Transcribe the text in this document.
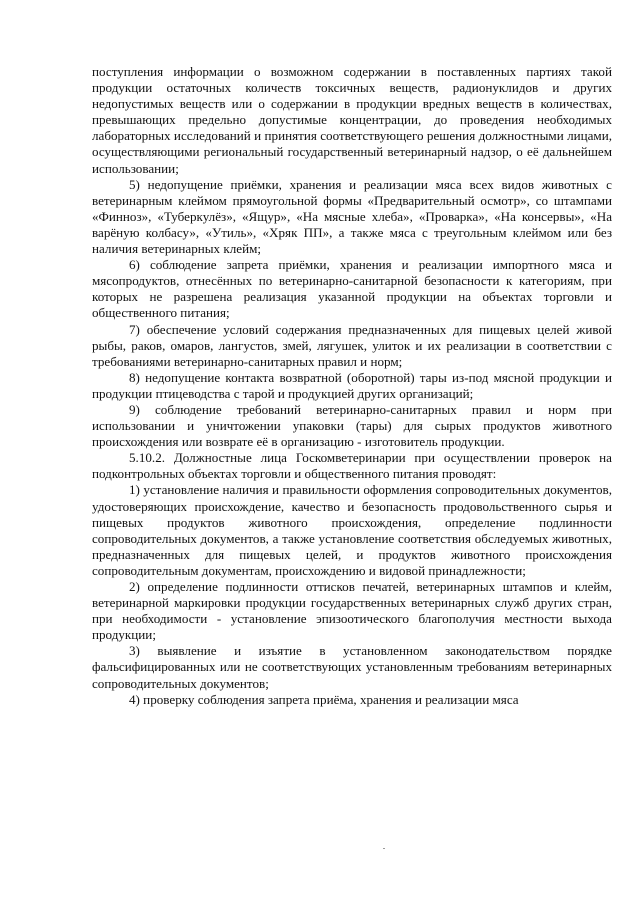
поступления информации о возможном содержании в поставленных партиях такой продукции остаточных количеств токсичных веществ, радионуклидов и других недопустимых веществ или о содержании в продукции вредных веществ в количествах, превышающих предельно допустимые концентрации, до проведения необходимых лабораторных исследований и принятия соответствующего решения должностными лицами, осуществляющими региональный государственный ветеринарный надзор, о её дальнейшем использовании;

5) недопущение приёмки, хранения и реализации мяса всех видов животных с ветеринарным клеймом прямоугольной формы «Предварительный осмотр», со штампами «Финноз», «Туберкулёз», «Ящур», «На мясные хлеба», «Проварка», «На консервы», «На варёную колбасу», «Утиль», «Хряк ПП», а также мяса с треугольным клеймом или без наличия ветеринарных клейм;

6) соблюдение запрета приёмки, хранения и реализации импортного мяса и мясопродуктов, отнесённых по ветеринарно-санитарной безопасности к категориям, при которых не разрешена реализация указанной продукции на объектах торговли и общественного питания;

7) обеспечение условий содержания предназначенных для пищевых целей живой рыбы, раков, омаров, лангустов, змей, лягушек, улиток и их реализации в соответствии с требованиями ветеринарно-санитарных правил и норм;

8) недопущение контакта возвратной (оборотной) тары из-под мясной продукции и продукции птицеводства с тарой и продукцией других организаций;

9) соблюдение требований ветеринарно-санитарных правил и норм при использовании и уничтожении упаковки (тары) для сырых продуктов животного происхождения или возврате её в организацию - изготовитель продукции.

5.10.2. Должностные лица Госкомветеринарии при осуществлении проверок на подконтрольных объектах торговли и общественного питания проводят:

1) установление наличия и правильности оформления сопроводительных документов, удостоверяющих происхождение, качество и безопасность продовольственного сырья и пищевых продуктов животного происхождения, определение подлинности сопроводительных документов, а также установление соответствия обследуемых животных, предназначенных для пищевых целей, и продуктов животного происхождения сопроводительным документам, происхождению и видовой принадлежности;

2) определение подлинности оттисков печатей, ветеринарных штампов и клейм, ветеринарной маркировки продукции государственных ветеринарных служб других стран, при необходимости - установление эпизоотического благополучия местности выхода продукции;

3) выявление и изъятие в установленном законодательством порядке фальсифицированных или не соответствующих установленным требованиям ветеринарных сопроводительных документов;

4) проверку соблюдения запрета приёма, хранения и реализации мяса
